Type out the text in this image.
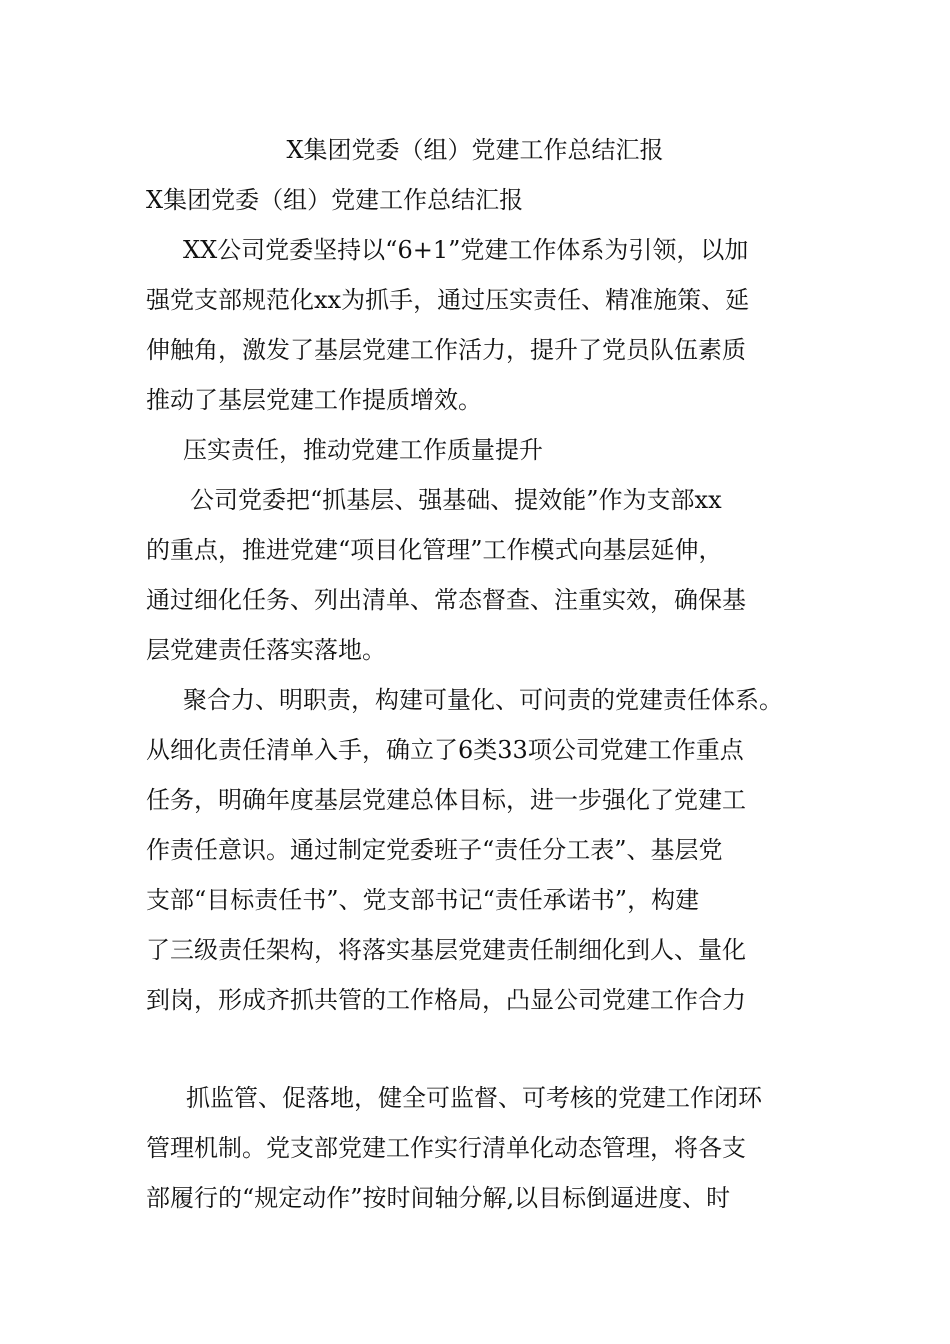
X集团党委（组）党建工作总结汇报
X集团党委（组）党建工作总结汇报
XX公司党委坚持以“6+1”党建工作体系为引领，以加
强党支部规范化xx为抓手，通过压实责任、精准施策、延
伸触角，激发了基层党建工作活力，提升了党员队伍素质
推动了基层党建工作提质增效。
压实责任，推动党建工作质量提升
公司党委把“抓基层、强基础、提效能”作为支部xx
的重点，推进党建“项目化管理”工作模式向基层延伸，
通过细化任务、列出清单、常态督查、注重实效，确保基
层党建责任落实落地。
聚合力、明职责，构建可量化、可问责的党建责任体系。
从细化责任清单入手，确立了6类33项公司党建工作重点
任务，明确年度基层党建总体目标，进一步强化了党建工
作责任意识。通过制定党委班子“责任分工表”、基层党
支部“目标责任书”、党支部书记“责任承诺书”，构建
了三级责任架构，将落实基层党建责任制细化到人、量化
到岗，形成齐抓共管的工作格局，凸显公司党建工作合力
抓监管、促落地，健全可监督、可考核的党建工作闭环
管理机制。党支部党建工作实行清单化动态管理，将各支
部履行的“规定动作”按时间轴分解,以目标倒逼进度、时
